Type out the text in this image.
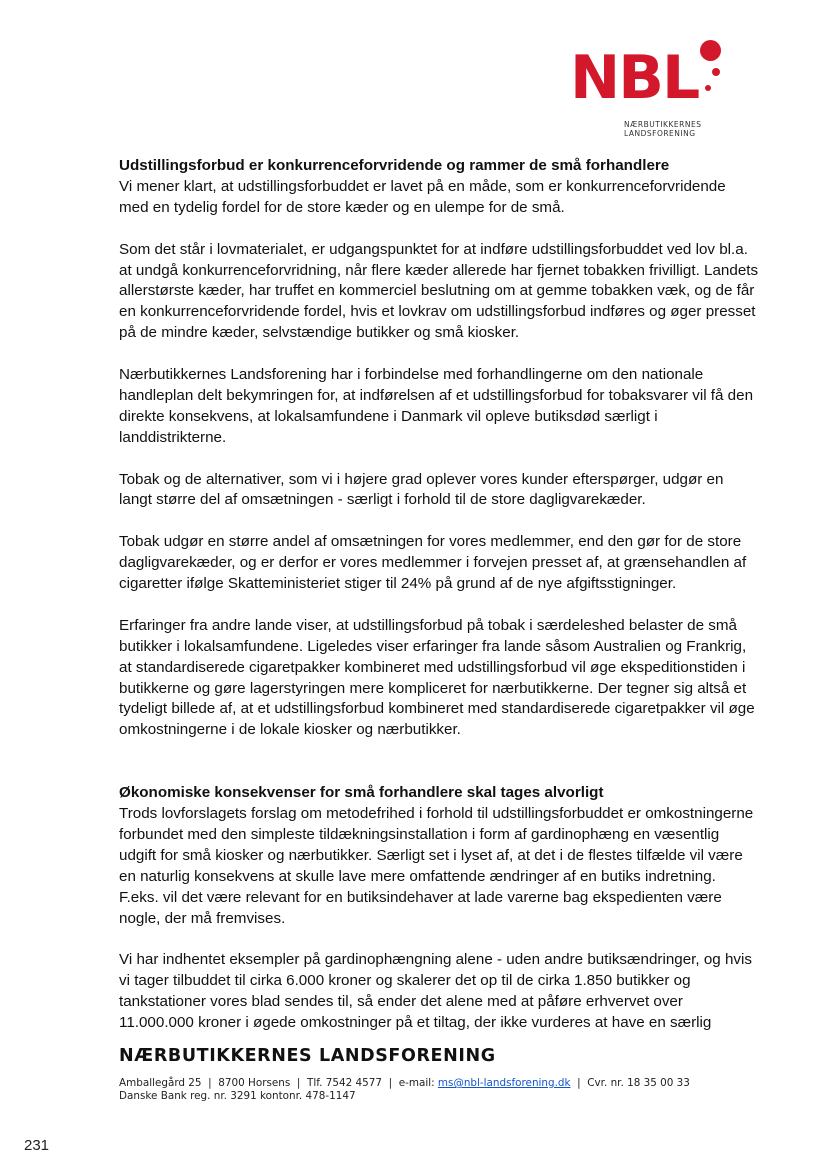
NBL
NÆRBUTIKKERNES
LANDSFORENING
Udstillingsforbud er konkurrenceforvridende og rammer de små forhandlere

Vi mener klart, at udstillingsforbuddet er lavet på en måde, som er konkurrenceforvridende med en tydelig fordel for de store kæder og en ulempe for de små.

Som det står i lovmaterialet, er udgangspunktet for at indføre udstillingsforbuddet ved lov bl.a. at undgå konkurrenceforvridning, når flere kæder allerede har fjernet tobakken frivilligt. Landets allerstørste kæder, har truffet en kommerciel beslutning om at gemme tobakken væk, og de får en konkurrenceforvridende fordel, hvis et lovkrav om udstillingsforbud indføres og øger presset på de mindre kæder, selvstændige butikker og små kiosker.

Nærbutikkernes Landsforening har i forbindelse med forhandlingerne om den nationale handleplan delt bekymringen for, at indførelsen af et udstillingsforbud for tobaksvarer vil få den direkte konsekvens, at lokalsamfundene i Danmark vil opleve butiksdød særligt i landdistrikterne.

Tobak og de alternativer, som vi i højere grad oplever vores kunder efterspørger, udgør en langt større del af omsætningen - særligt i forhold til de store dagligvarekæder.

Tobak udgør en større andel af omsætningen for vores medlemmer, end den gør for de store dagligvarekæder, og er derfor er vores medlemmer i forvejen presset af, at grænsehandlen af cigaretter ifølge Skatteministeriet stiger til 24% på grund af de nye afgiftsstigninger.

Erfaringer fra andre lande viser, at udstillingsforbud på tobak i særdeleshed belaster de små butikker i lokalsamfundene. Ligeledes viser erfaringer fra lande såsom Australien og Frankrig, at standardiserede cigaretpakker kombineret med udstillingsforbud vil øge ekspeditionstiden i butikkerne og gøre lagerstyringen mere kompliceret for nærbutikkerne. Der tegner sig altså et tydeligt billede af, at et udstillingsforbud kombineret med standardiserede cigaretpakker vil øge omkostningerne i de lokale kiosker og nærbutikker.

Økonomiske konsekvenser for små forhandlere skal tages alvorligt

Trods lovforslagets forslag om metodefrihed i forhold til udstillingsforbuddet er omkostningerne forbundet med den simpleste tildækningsinstallation i form af gardinophæng en væsentlig udgift for små kiosker og nærbutikker. Særligt set i lyset af, at det i de flestes tilfælde vil være en naturlig konsekvens at skulle lave mere omfattende ændringer af en butiks indretning. F.eks. vil det være relevant for en butiksindehaver at lade varerne bag ekspedienten være nogle, der må fremvises.

Vi har indhentet eksempler på gardinophængning alene - uden andre butiksændringer, og hvis vi tager tilbuddet til cirka 6.000 kroner og skalerer det op til de cirka 1.850 butikker og tankstationer vores blad sendes til, så ender det alene med at påføre erhvervet over 11.000.000 kroner i øgede omkostninger på et tiltag, der ikke vurderes at have en særlig

NÆRBUTIKKERNES LANDSFORENING
Amballegård 25  |  8700 Horsens  |  Tlf. 7542 4577  |  e-mail: ms@nbl-landsforening.dk  |  Cvr. nr. 18 35 00 33
Danske Bank reg. nr. 3291 kontonr. 478-1147
231
